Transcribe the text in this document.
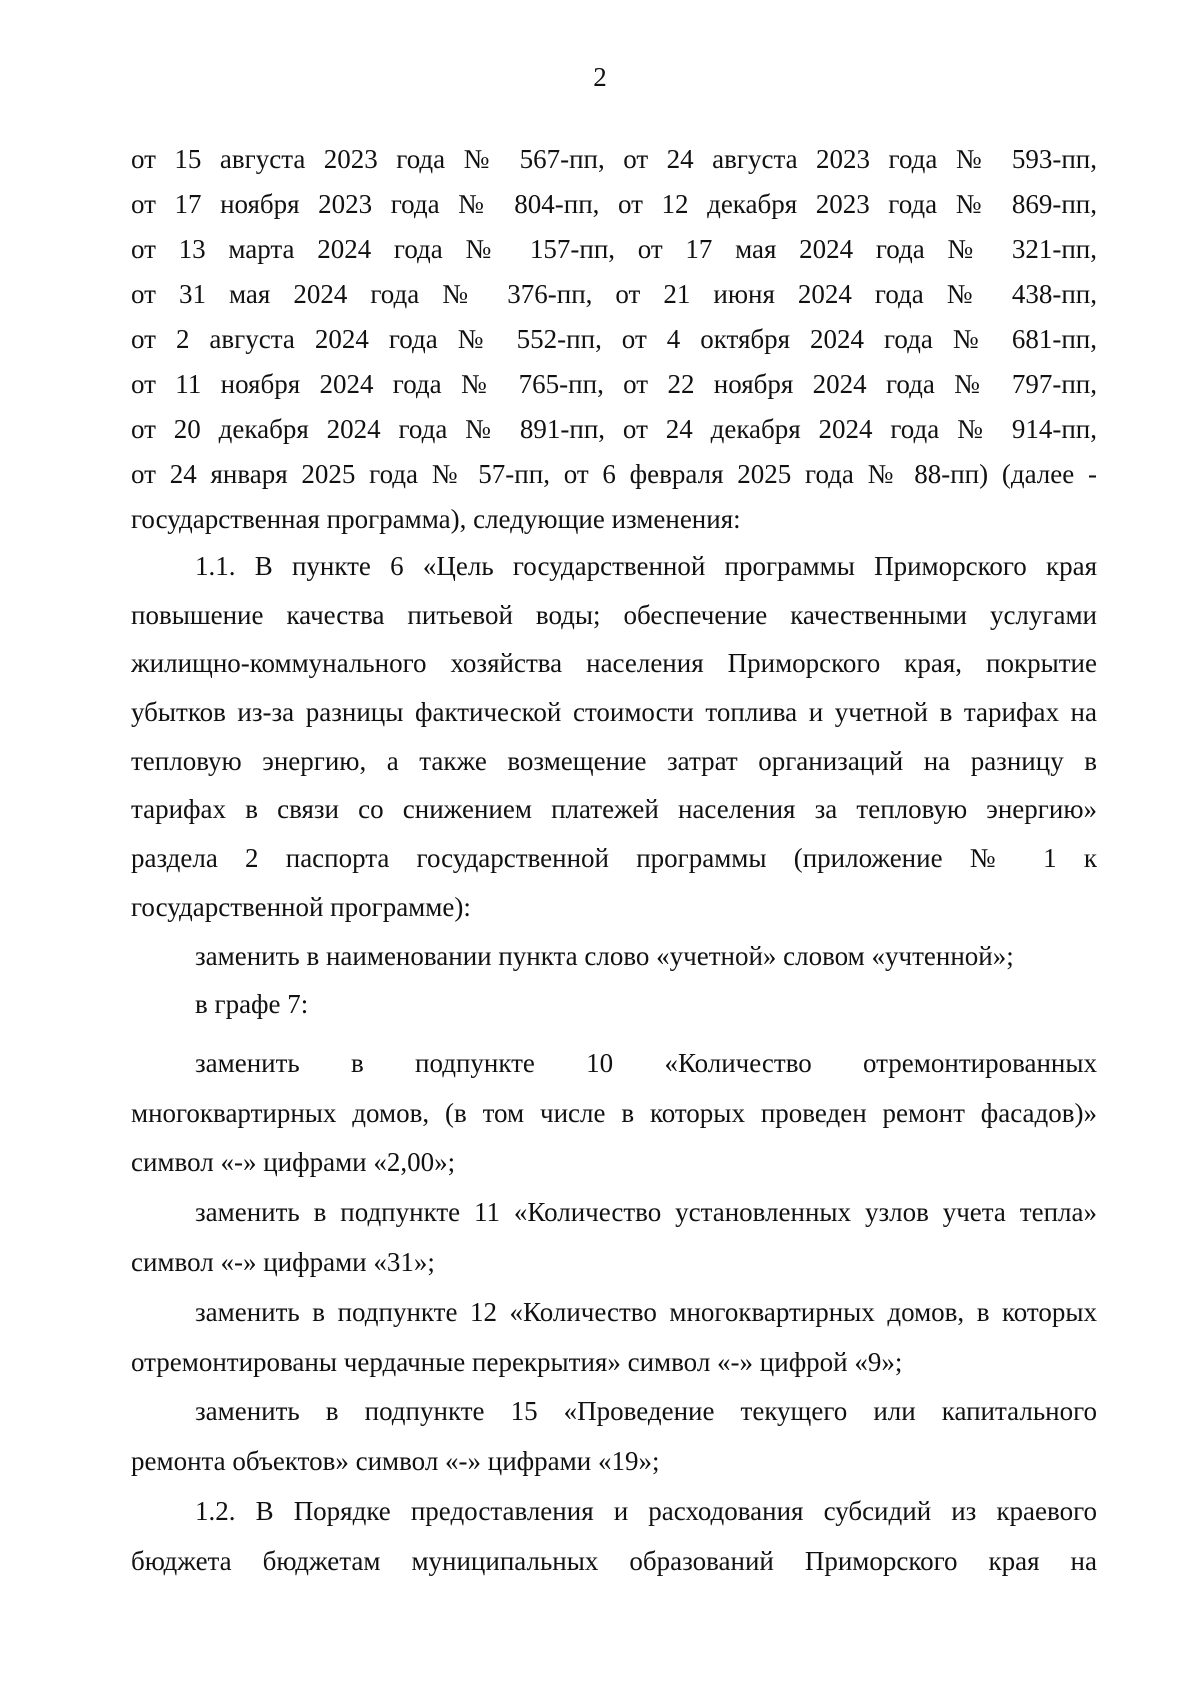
2
от 15 августа 2023 года № 567-пп, от 24 августа 2023 года № 593-пп,
от 17 ноября 2023 года № 804-пп, от 12 декабря 2023 года № 869-пп,
от 13 марта 2024 года № 157-пп, от 17 мая 2024 года № 321-пп,
от 31 мая 2024 года № 376-пп, от 21 июня 2024 года № 438-пп,
от 2 августа 2024 года № 552-пп, от 4 октября 2024 года № 681-пп,
от 11 ноября 2024 года № 765-пп, от 22 ноября 2024 года № 797-пп,
от 20 декабря 2024 года № 891-пп, от 24 декабря 2024 года № 914-пп,
от 24 января 2025 года № 57-пп, от 6 февраля 2025 года № 88-пп) (далее -
государственная программа), следующие изменения:
1.1. В пункте 6 «Цель государственной программы Приморского края
повышение качества питьевой воды; обеспечение качественными услугами
жилищно-коммунального хозяйства населения Приморского края, покрытие
убытков из-за разницы фактической стоимости топлива и учетной в тарифах на
тепловую энергию, а также возмещение затрат организаций на разницу в
тарифах в связи со снижением платежей населения за тепловую энергию»
раздела 2 паспорта государственной программы (приложение № 1 к
государственной программе):
заменить в наименовании пункта слово «учетной» словом «учтенной»;
в графе 7:
заменить в подпункте 10 «Количество отремонтированных
многоквартирных домов, (в том числе в которых проведен ремонт фасадов)»
символ «-» цифрами «2,00»;
заменить в подпункте 11 «Количество установленных узлов учета тепла»
символ «-» цифрами «31»;
заменить в подпункте 12 «Количество многоквартирных домов, в которых
отремонтированы чердачные перекрытия» символ «-» цифрой «9»;
заменить в подпункте 15 «Проведение текущего или капитального
ремонта объектов» символ «-» цифрами «19»;
1.2. В Порядке предоставления и расходования субсидий из краевого
бюджета бюджетам муниципальных образований Приморского края на
